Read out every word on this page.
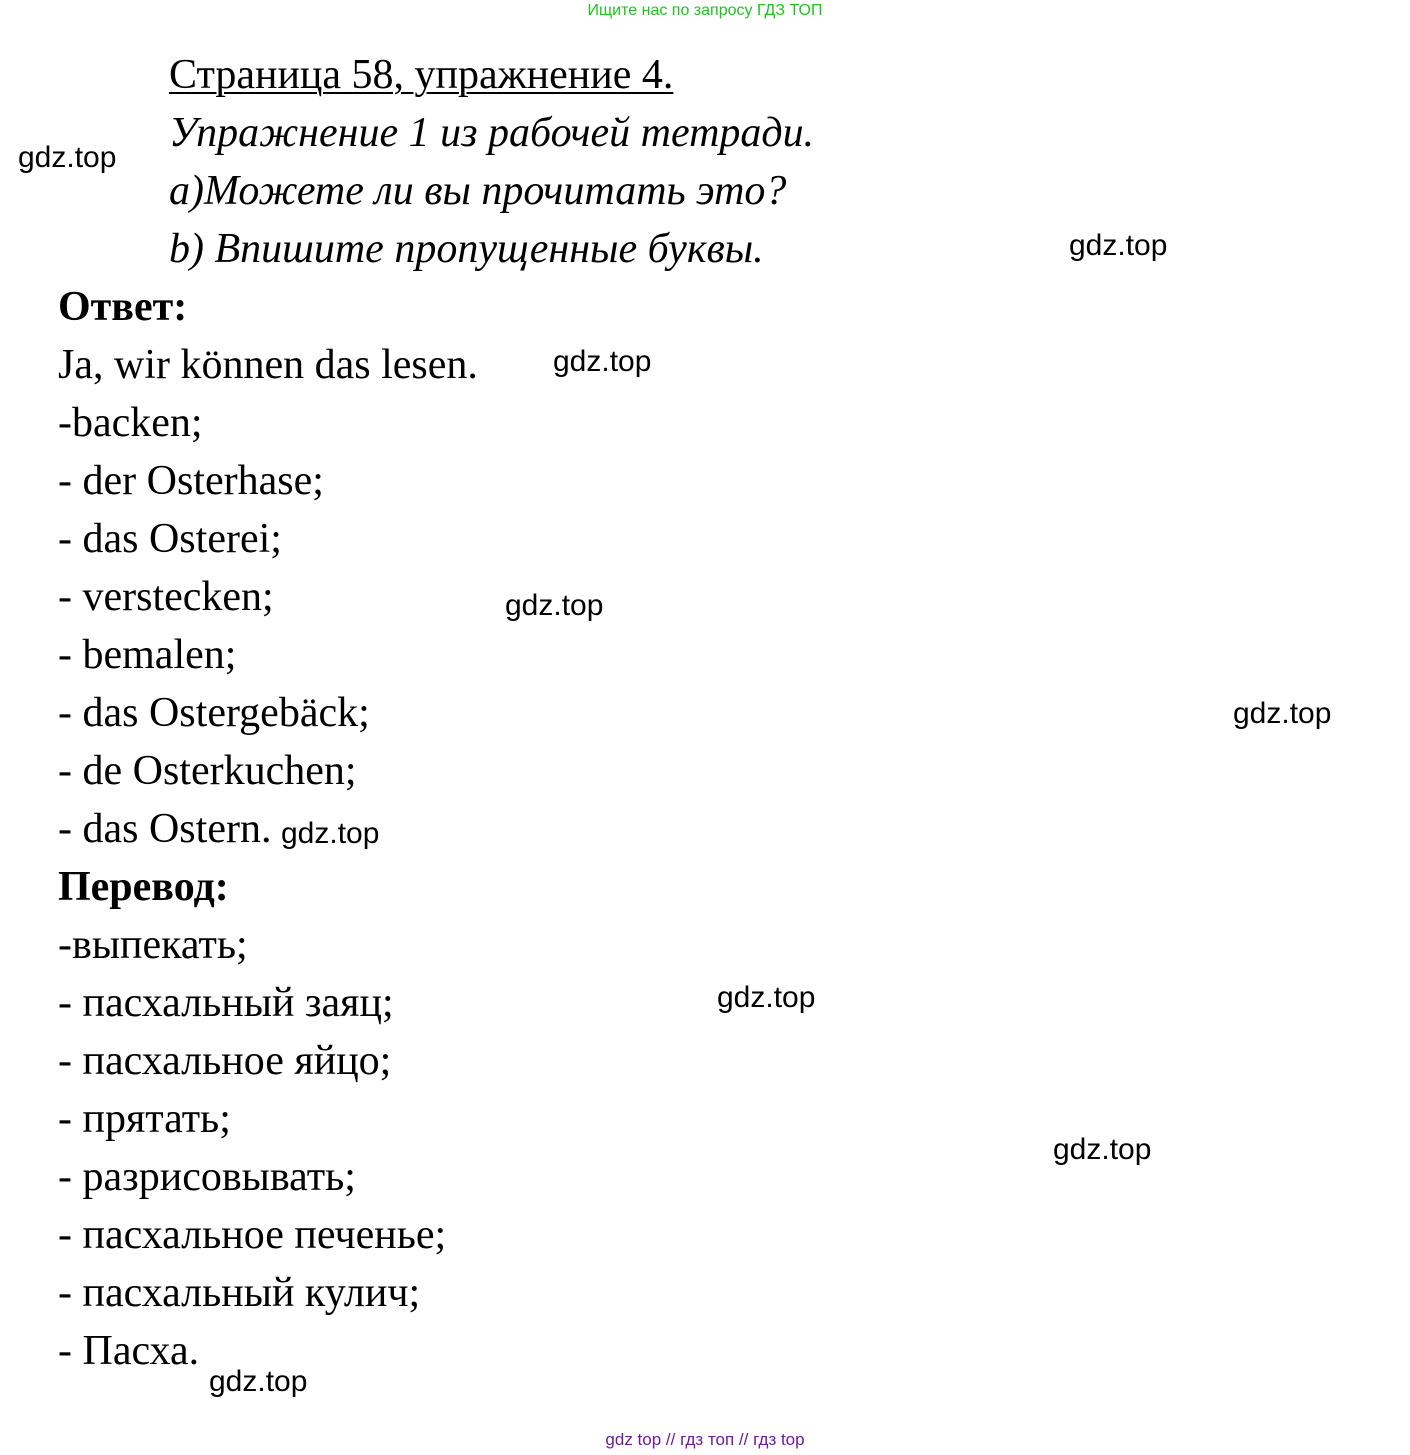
Ищите нас по запросу ГДЗ ТОП
Страница 58, упражнение 4.
Упражнение 1 из рабочей тетради.
a)Можете ли вы прочитать это?
b) Впишите пропущенные буквы.
Ответ:
Ja, wir können das lesen.
-backen;
- der Osterhase;
- das Osterei;
- verstecken;
- bemalen;
- das Ostergebäck;
- de Osterkuchen;
- das Ostern.
Перевод:
-выпекать;
- пасхальный заяц;
- пасхальное яйцо;
- прятать;
- разрисовывать;
- пасхальное печенье;
- пасхальный кулич;
- Пасха.
gdz.top
gdz.top
gdz.top
gdz.top
gdz.top
gdz.top
gdz.top
gdz.top
gdz.top
gdz top // гдз топ // гдз top
